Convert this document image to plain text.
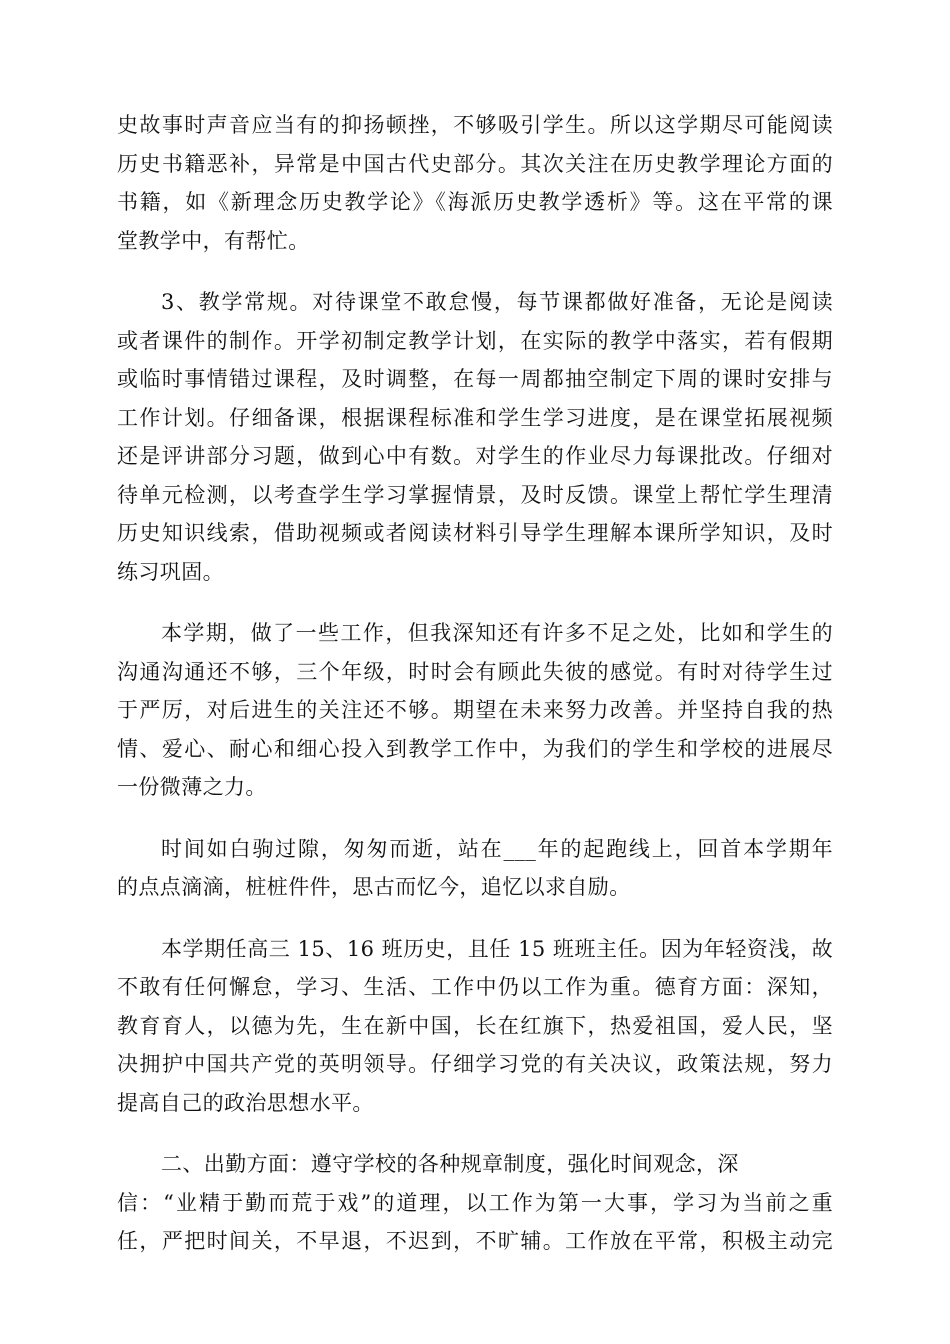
史故事时声音应当有的抑扬顿挫，不够吸引学生。所以这学期尽可能阅读
历史书籍恶补，异常是中国古代史部分。其次关注在历史教学理论方面的
书籍，如《新理念历史教学论》《海派历史教学透析》等。这在平常的课
堂教学中，有帮忙。

3、教学常规。对待课堂不敢怠慢，每节课都做好准备，无论是阅读
或者课件的制作。开学初制定教学计划，在实际的教学中落实，若有假期
或临时事情错过课程，及时调整，在每一周都抽空制定下周的课时安排与
工作计划。仔细备课，根据课程标准和学生学习进度，是在课堂拓展视频
还是评讲部分习题，做到心中有数。对学生的作业尽力每课批改。仔细对
待单元检测，以考查学生学习掌握情景，及时反馈。课堂上帮忙学生理清
历史知识线索，借助视频或者阅读材料引导学生理解本课所学知识，及时
练习巩固。

本学期，做了一些工作，但我深知还有许多不足之处，比如和学生的
沟通沟通还不够，三个年级，时时会有顾此失彼的感觉。有时对待学生过
于严厉，对后进生的关注还不够。期望在未来努力改善。并坚持自我的热
情、爱心、耐心和细心投入到教学工作中，为我们的学生和学校的进展尽
一份微薄之力。

时间如白驹过隙，匆匆而逝，站在___年的起跑线上，回首本学期年
的点点滴滴，桩桩件件，思古而忆今，追忆以求自励。

本学期任高三 15、16 班历史，且任 15 班班主任。因为年轻资浅，故
不敢有任何懈怠，学习、生活、工作中仍以工作为重。德育方面：深知，
教育育人，以德为先，生在新中国，长在红旗下，热爱祖国，爱人民，坚
决拥护中国共产党的英明领导。仔细学习党的有关决议，政策法规，努力
提高自己的政治思想水平。

二、出勤方面：遵守学校的各种规章制度，强化时间观念，深
信：“业精于勤而荒于戏”的道理，以工作为第一大事，学习为当前之重
任，严把时间关，不早退，不迟到，不旷辅。工作放在平常，积极主动完
